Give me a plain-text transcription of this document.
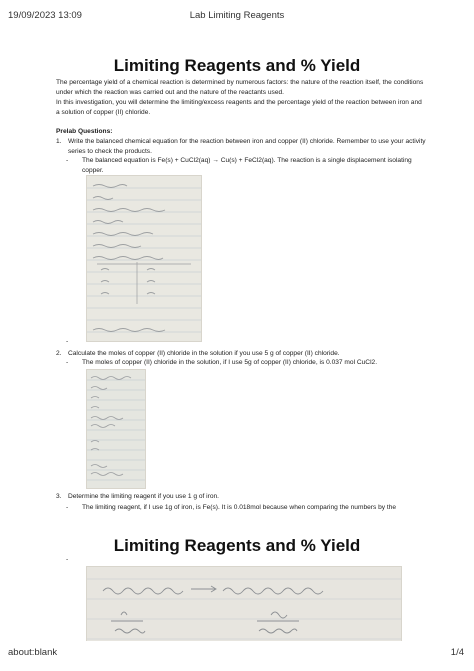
19/09/2023 13:09	Lab Limiting Reagents
Limiting Reagents and % Yield

The percentage yield of a chemical reaction is determined by numerous factors: the nature of the reaction itself, the conditions under which the reaction was carried out and the nature of the reactants used.

In this investigation, you will determine the limiting/excess reagents and the percentage yield of the reaction between iron and a solution of copper (II) chloride.

Prelab Questions:
1. Write the balanced chemical equation for the reaction between iron and copper (II) chloride. Remember to use your activity series to check the products.
- The balanced equation is Fe(s) + CuCl2(aq) → Cu(s) + FeCl2(aq). The reaction is a single displacement isolating copper.
-
2. Calculate the moles of copper (II) chloride in the solution if you use 5 g of copper (II) chloride.
- The moles of copper (II) chloride in the solution, if I use 5g of copper (II) chloride, is 0.037 mol CuCl2.
3. Determine the limiting reagent if you use 1 g of iron.
- The limiting reagent, if I use 1g of iron, is Fe(s). It is 0.018mol because when comparing the numbers by the
Limiting Reagents and % Yield
-
about:blank	1/4
